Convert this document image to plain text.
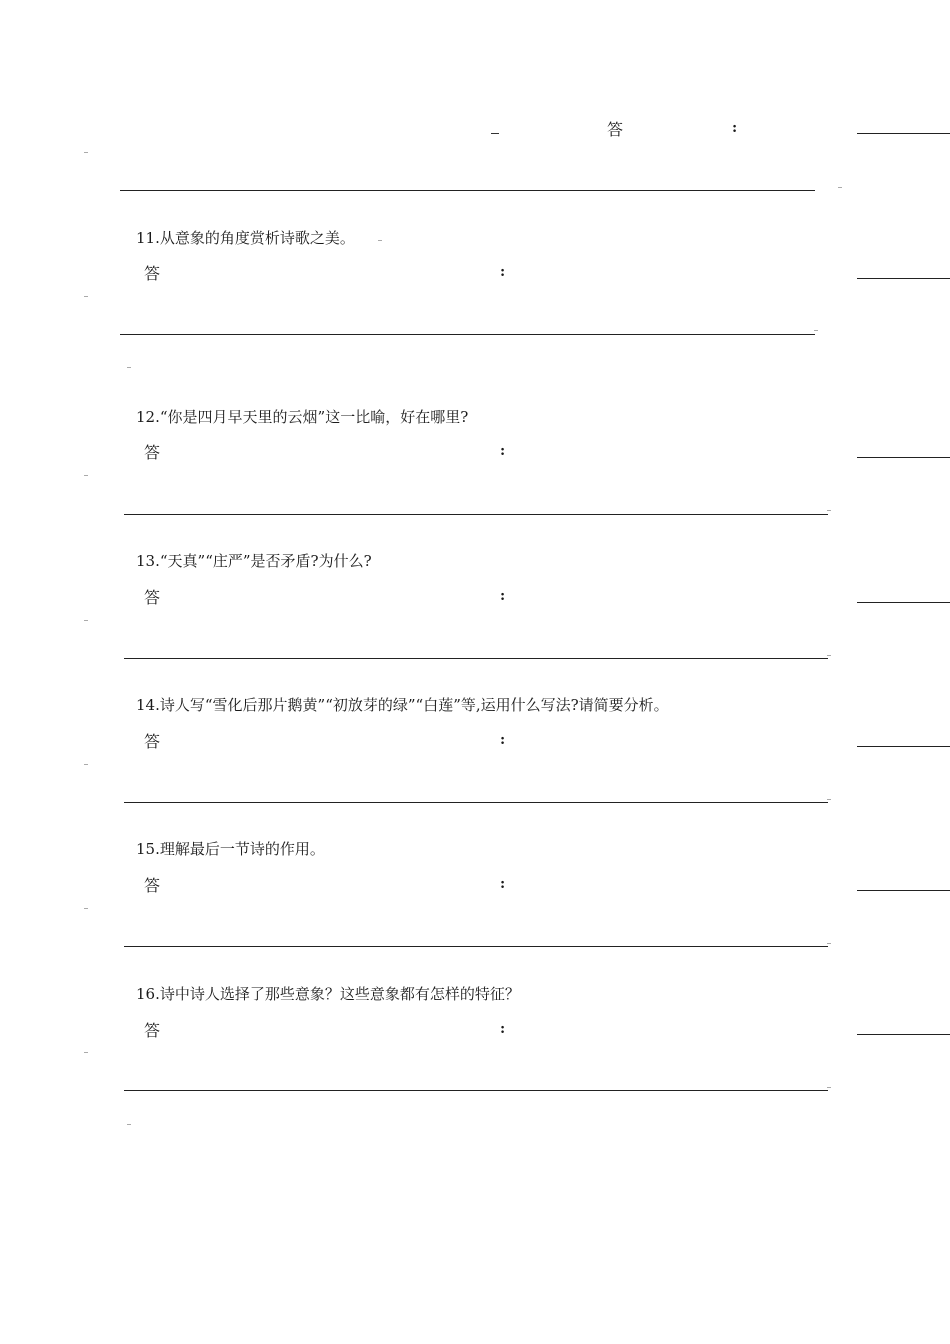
答	:
11.从意象的角度赏析诗歌之美。
答	:
12.“你是四月早天里的云烟”这一比喻，好在哪里?
答	:
13.“天真”“庄严”是否矛盾?为什么?
答	:
14.诗人写“雪化后那片鹅黄”“初放芽的绿”“白莲”等,运用什么写法?请简要分析。
答	:
15.理解最后一节诗的作用。
答	:
16.诗中诗人选择了那些意象？这些意象都有怎样的特征？
答	:
